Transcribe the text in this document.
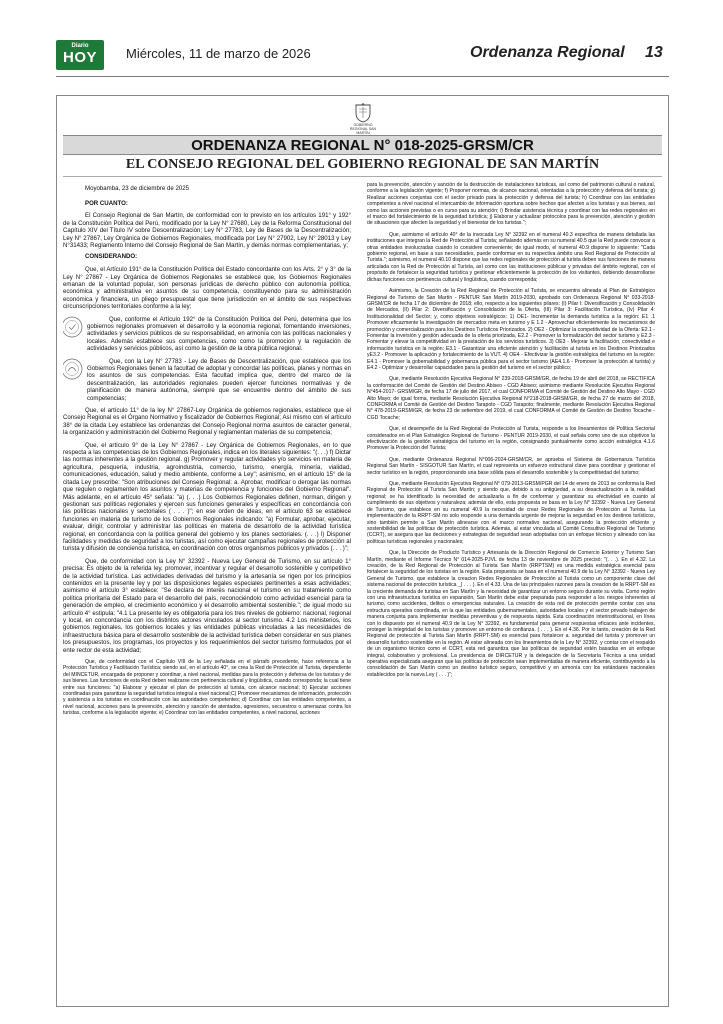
Diario
HOY	Miércoles, 11 de marzo de 2026	Ordenanza Regional 13
GOBIERNO REGIONAL SAN MARTÍN
ORDENANZA REGIONAL N° 018-2025-GRSM/CR
EL CONSEJO REGIONAL DEL GOBIERNO REGIONAL DE SAN MARTÍN

Moyobamba, 23 de diciembre de 2025

POR CUANTO:

El Consejo Regional de San Martín, de conformidad con lo previsto en los artículos 191° y 192° de la Constitución Política del Perú, modificado por la Ley N° 27680, Ley de la Reforma Constitucional del Capítulo XIV del Título IV sobre Descentralización; Ley N° 27783, Ley de Bases de la Descentralización; Ley N° 27867, Ley Orgánica de Gobiernos Regionales, modificada por Ley N° 27902, Ley N° 28013 y Ley N°31433; Reglamento Interno del Consejo Regional de San Martín, y demás normas complementarias, y;

CONSIDERANDO:

Que, el Artículo 191° de la Constitución Política del Estado concordante con los Arts. 2° y 3° de la Ley N° 27867 - Ley Orgánica de Gobiernos Regionales se establece que, los Gobiernos Regionales emanan de la voluntad popular, son personas jurídicas de derecho público con autonomía política, económica y administrativa en asuntos de su competencia, constituyendo para su administración económica y financiera, un pliego presupuestal que tiene jurisdicción en el ámbito de sus respectivas circunscripciones territoriales conforme a la ley;

Que, conforme el Artículo 192° de la Constitución Política del Perú, determina que los gobiernos regionales promueven el desarrollo y la economía regional, fomentando inversiones, actividades y servicios públicos de su responsabilidad, en armonía con las políticas nacionales y locales. Además establece sus competencias, como como la promocion y la regulación de actividades y servicios públicos, así como la gestión de la obra pública regional.

Que, con la Ley N° 27783 - Ley de Bases de Descentralización, que establece que los Gobiernos Regionales tienen la facultad de adoptar y concordar las políticas, planes y normas en los asuntos de sus competencias. Esta facultad implica que, dentro del marco de la descentralización, las autoridades regionales pueden ejercer funciones normativas y de planificación de manera autónoma, siempre que se encuentre dentro del ámbito de sus competencias;

Que, el artículo 11° de la ley N° 27867-Ley Orgánica de gobiernos regionales, establece que el Consejo Regional es el Órgano Normativo y fiscalizador de Gobiernos Regional; Así mismo con el artículo 38° de la citada Ley establece las ordenanzas del Consejo Regional norma asuntos de caracter general, la organización y administración del Gobierno Regional y reglamentan materias de su competencia;

Que, el artículo 9° de la Ley N° 27867 - Ley Orgánica de Gobiernos Regionales, en lo que respecta a las competencias de los Gobiernos Regionales, indica en los literales siguientes: "(. . .) f) Dictar las normas inherentes a la gestión regional. g) Promover y regular actividades y/o servicios en materia de agricultura, pesquería, industria, agroindustria, comercio, turismo, energía, minería, vialidad, comunicaciones, educación, salud y medio ambiente, conforme a Ley"; asimismo, en el artículo 15° de la citada Ley prescribe: "Son atribuciones del Consejo Regional: a. Aprobar, modificar o derogar las normas que regulen o reglamenten los asuntos y materias de competencia y funciones del Gobierno Regional". Más adelante, en el artículo 45° señala: "a) (. . .) Los Gobiernos Regionales definen, norman, dirigen y gestionan sus políticas regionales y ejercen sus funciones generales y específicas en concordancia con las políticas nacionales y sectoriales ( . . . )"; en ese orden de ideas, en el artículo 63 se establece funciones en materia de turismo de los Gobiernos Regionales indicando: "a) Formular, aprobar, ejecutar, evaluar, dirigir, controlar y administrar las políticas en materia de desarrollo de la actividad turística regional, en concordancia con la política general del gobierno y los planes sectoriales. (. . .) l) Disponer facilidades y medidas de seguridad a los turistas, así como ejecutar campañas regionales de protección al turista y difusión de conciencia turística, en coordinación con otros organismos públicos y privados (. . . )";

Que, de conformidad con la Ley N° 32392 - Nueva Ley General de Turismo, en su artículo 1° precisa: Es objeto de la referida ley, promover, incentivar y regular el desarrollo sostenible y competitivo de la actividad turística. Las actividades derivadas del turismo y la artesanía se rigen por los principios contenidos en la presente ley y por las disposiciones legales especiales pertinentes a esas actividades; asimismo el artículo 3° establece: "Se declara de interés nacional el turismo en su tratamiento como política prioritaria del Estado para el desarrollo del país, reconociéndolo como actividad esencial para la generación de empleo, el crecimiento económico y el desarrollo ambiental sostenible."; de igual modo su artículo 4° estipula: "4.1 La presente ley es obligatoria para los tres niveles de gobierno: nacional, regional y local, en concordancia con los distintos actores vinculados al sector turismo. 4.2 Los ministerios, los gobiernos regionales, los gobiernos locales y las entidades públicas vinculadas a las necesidades de infraestructura básica para el desarrollo sostenible de la actividad turística deben considerar en sus planes los presupuestos, los programas, los proyectos y los requerimientos del sector turismo formulados por el ente rector de esta actividad;

Que, de conformidad con el Capítulo VIII de la Ley señalada en el párrafo precedente, hace referencia a la Protección Turística y Facilitación Turística; siendo así, en el artículo 40°, se crea la Red de Protección al Turista, dependiente del MINCETUR, encargada de proponer y coordinar, a nivel nacional, medidas para la protección y defensa de los turistas y de sus bienes. Las funciones de esta Red deben realizarse con pertinencia cultural y lingüística, cuando corresponda; la cual tiene entre sus funciones: "a) Elaborar y ejecutar el plan de protección al turista, con alcance nacional; b) Ejecutar acciones coordinadas para garantizar la seguridad turística integral a nivel nacional;C) Promover mecanismos de información, protección y asistencia a los turistas en coordinación con las autoridades competentes; d) Coordinar con las entidades competentes, a nivel nacional, acciones para la prevención, atención y sanción de atentados, agresiones, secuestros o amenazas contra los turistas, conforme a la legislación vigente; e) Coordinar con las entidades competentes, a nivel nacional, acciones

para la prevención, atención y sanción de la destrucción de instalaciones turísticas, así como del patrimonio cultural o natural, conforme a la legislación vigente; f) Proponer normas, de alcance nacional, orientadas a la protección y defensa del turista; g) Realizar acciones conjuntas con el sector privado para la protección y defensa del turista; h) Coordinar con las entidades competentes a nivel nacional el intercambio de información oportuna sobre hechos que afecten a los turistas y sus bienes, así como las acciones previstas o en curso para su atención; i) Brindar asistencia técnica y coordinar con las redes regionales en el marco del fortalecimiento de la seguridad turística; j) Elaborar y actualizar protocolos para la prevención, atención y gestión de situaciones que afecten la seguridad y el bienestar de los turistas.";

Que, asimismo el artículo 40° de la invocada Ley N° 32392 en el numeral 40.3 especifica de manera detallada las instituciones que integran la Red de Protección al Turista; señalando además en su numeral 40.5 que la Red puede convocar a otras entidades involucradas cuando lo considere conveniente; de igual modo, el numeral 40.9 dispone lo siguiente: "Cada gobierno regional, en base a sus necesidades, puede conformar en su respectiva ámbito una Red Regional de Protección al Turista."; asimismo, el numeral 40.10 dispone que las redes regionales de protección al turista deben sus funciones de manera articulada con la Red de Protección al Turista, así como con las instituciones públicas y privadas del ámbito regional, con el propósito de fortalecer la seguridad turística y gestionar eficientemente la protección de los visitantes, debiendo desarrollarse dichas funciones con pertinencia cultural y lingüística, cuando corresponda;

Asimismo, la Creación de la Red Regional de Protección al Turista, se encuentra alineada al Plan de Estratégico Regional de Turismo de San Martín - PENTUR San Martín 2019-2030, aprobado con Ordenanza Regional N° 033-2018-GRSM/CR de fecha 17 de diciembre de 2018; ello, respecto a los siguientes pilares: (I) Pilar I: Diversificación y Consolidación de Mercados, (II) Pilar 2: Diversificación y Consolidación de la Oferta, (III) Pilar 3: Facilitación Turística, (Iv) Pilar 4: Institucionalidad del Sector; y, como objetivos estratégicos: 1) OE1- Incrementar la demanda turística a la región: E1 .1 Promover eficazmente la investigación de mercados meta en turismo y E 1.2 - Aprovechar eficientemente los mecanismos de promoción y comercialización para los Destinos Turísticos Priorizados. 2) OE2 - Optimizar la competitividad de la Oferta: E2.1 - Fomentar la inversión y gestión adecuada de la oferta priorizada, E2.2 - Promover la formalización del sector turismo y E2.3 - Fomentar y elevar la competitividad en la prestación de los servicios turísticos. 3) OE3 - Mejorar la facilitación, conectividad e información turística en la región: E3.1 - Garantizar una eficiente atención y facilitación al turista en los Destinos Priorizados yE3.2 - Promover la aplicación y fortalecimiento de la VUT. 4) OE4 - Efectivizar la gestión estratégica del turismo en la región: E4.1 - Promover la gobernabilidad y gobernanza pública para el sector turismo (AE4.1.6 - Promover la protección al turista) y E4.2 - Optimizar y desarrollar capacidades para la gestión del turismo en el sector público;

Que, mediante Resolución Ejecutiva Regional N° 239-2018-GRSM/GR, de fecha 19 de abril del 2018, se RECTIFICA la conformación del Comité de Gestión del Destino Abiseo - CGD Abiseo; asimismo mediante Resolución Ejecutiva Regional N°454-2017- GRSM/GR, de fecha 17 de julio del 2017, el cual CONFORMA el Comité de Gestión del Destino Alto Mayo - CGD Alto Mayo; de igual forma, mediante Resolución Ejecutiva Regional N°218-2018-GRSM/GR, de fecha 27 de marzo del 2018, CONFORMA el Comité de Gestión del Destino Tarapoto - CGD Tarapoto; finalmente, mediante Resolución Ejecutiva Regional N° 478-2019-GRSM/GR, de fecha 23 de setiembre del 2019, el cual CONFORMA el Comité de Gestión de Destino Tocache - CGD Tocache;

Que, el desempeño de la Red Regional de Protección al Turista, responde a los lineamientos de Política Sectorial considerados en el Plan Estratégico Regional de Turismo - PENTUR 2019-2030, el cual señala como uno de sus objetivos la efectivización de la gestión estratégica del turismo en la región, consignando puntualmente como acción estratégica 4.1.6 Promover la Protección del Turista;

Que, mediante Ordenanza Regional N°006-2024-GRSM/CR, se aprueba el Sistema de Gobernanza Turística Regional San Martín - SISGOTUR San Martín, el cual representa un esfuerzo estructural clave para coordinar y gestionar el sector turístico en la región, proporcionando una base sólida para el desarrollo sostenible y la competitividad del turismo;

Que, mediante Resolución Ejecutiva Regional N° 079-2013-GRSM/PGR del 14 de enero de 2013 se conforma la Red Regional de Protección al Turista San Martín; y siendo que, debido a su antigüedad, a su desactualización a la realidad regional; se ha identificado la necesidad de actualizarla a fin de conformar y garantizar su efectividad en cuanto al cumplimiento de sus objetivos y naturaleza; además de ello, esta propuesta se basa en la Ley N° 32392 - Nueva Ley General de Turismo, que establece en su numeral 40.9 la necesidad de crear Redes Regionales de Protección al Turista. La implementación de la RRPT-SM no solo responde a una demanda urgente de mejorar la seguridad en los destinos turísticos, sino también permite a San Martín alinearse con el marco normativo nacional, asegurando la protección eficiente y sostenibilidad de las políticas de protección turística. Además, al estar vinculada al Comité Consultivo Regional de Turismo (CCRT), se asegura que las decisiones y estrategias de seguridad sean adoptadas con un enfoque técnico y alineado con las políticas turísticas regionales y nacionales;

Que, la Dirección de Producto Turístico y Artesanía de la Dirección Regional de Comercio Exterior y Turismo San Martín, mediante el Informe Técnico N° 014-2025-PJVL de fecha 13 de noviembre de 2025 precisó: "(. . .). En el 4.32. La creación, de la Red Regional de Protección al Turista San Martín (RRPTSM) es una medida estratégica esencial para fortalecer la seguridad de los turistas en la región. Esta propuesta se basa en el numeral 40.9 de la Ley N° 32392 - Nueva Ley General de Turismo, que establece la creacion Redes Regionales de Protección al Turista como un componente clave del sistema nacional de protección turística _( . . . ). En el 4.33. Una de las principales razones para la creacion de la RRPT-SM es la creciente demanda de turistas en San Martín y la necesidad de garantizar un entorno seguro durante su visita. Como región con una infraestructura turística en expansión, San Martín debe estar preparada para responder a los riesgos inherentes al turismo, como accidentes, delitos o emergencias naturales. La creación de esta red de protección permite contar con una estructura operativa coordinada, en la que las entidades gubernamentales, autoridades locales y el sector privado trabajen de manera conjunta para implementar medidas preventivas y de respuesta rápida. Esta coordinación interinstitucional, en línea con lo dispuesto por el numeral 40.9 de la Ley N° 32392, es fundamental para generar respuestas eficaces ante incidentes, proteger la integridad de los turistas y promover un entorno de confianza. ( . . . ). En el 4.36. Por lo tanto, creación de la Red Regional de protección al Turista San Martín (RRPT-SM) es esencial para fortalecer a. seguridad del turista y promover un desarrollo turístico sostenible en la región. Al estar alineada con los lineamientos de la Ley N° 32392, y contar con el respaldo de un organismo técnico como el CCRT, esta red garantiza que las políticas de seguridad estén basadas en un enfoque integral, colaborativo y profesional. La presidencia de DIRCETUR y la delegación de la Secretaría Técnica a una unidad operativa especializada aseguran que las políticas de protección sean implementadas de manera eficiente, contribuyendo a la consolidación de San Martín como un destino turístico seguro, competitivo y en armonía con los estándares nacionales establecidos por la nueva Ley ( . . . )";
